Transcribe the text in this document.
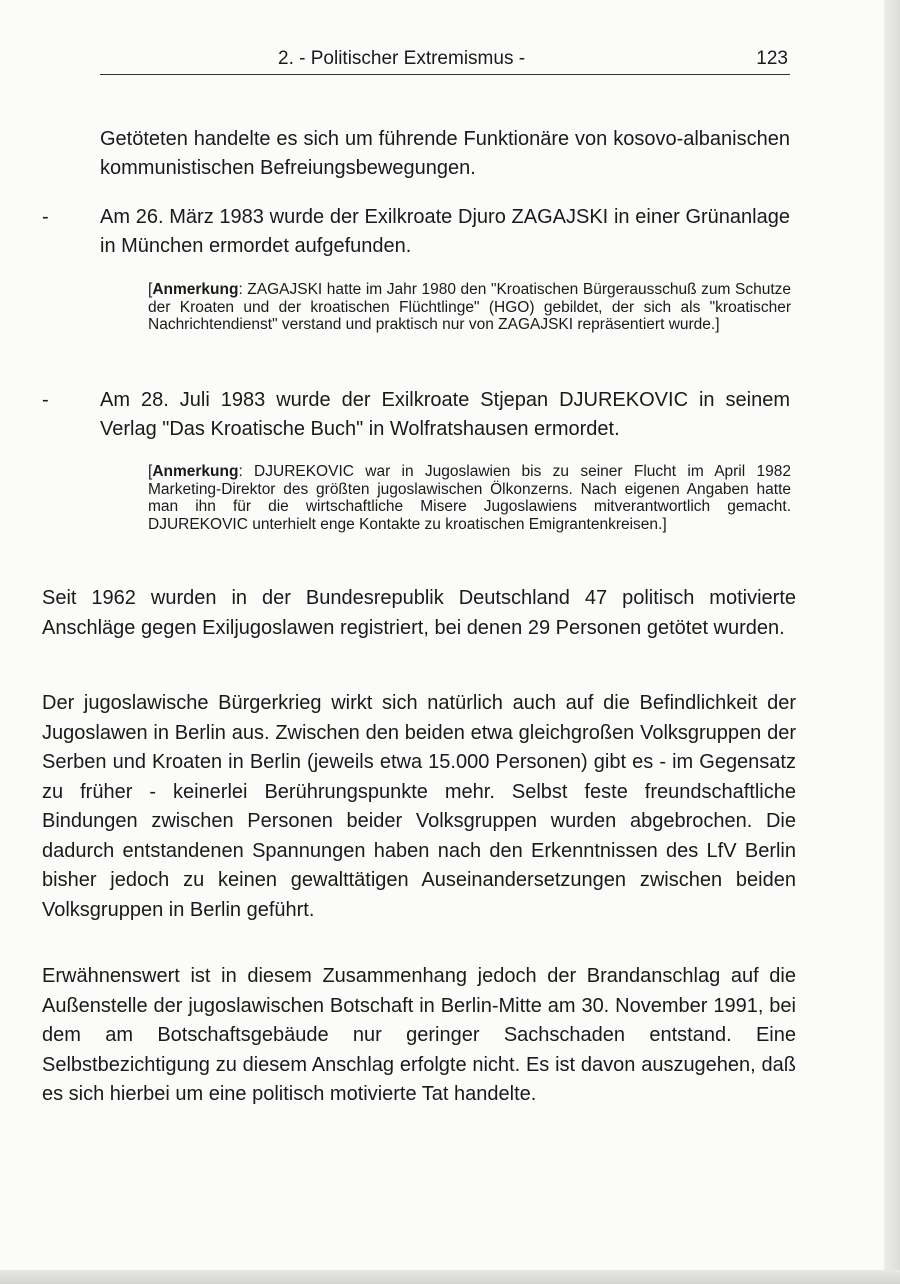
2. - Politischer Extremismus -	123
Getöteten handelte es sich um führende Funktionäre von kosovo-albanischen kommunistischen Befreiungsbewegungen.
-	Am 26. März 1983 wurde der Exilkroate Djuro ZAGAJSKI in einer Grünanlage in München ermordet aufgefunden.
[Anmerkung: ZAGAJSKI hatte im Jahr 1980 den "Kroatischen Bürgerausschuß zum Schutze der Kroaten und der kroatischen Flüchtlinge" (HGO) gebildet, der sich als "kroatischer Nachrichtendienst" verstand und praktisch nur von ZAGAJSKI repräsentiert wurde.]
-	Am 28. Juli 1983 wurde der Exilkroate Stjepan DJUREKOVIC in seinem Verlag "Das Kroatische Buch" in Wolfratshausen ermordet.
[Anmerkung: DJUREKOVIC war in Jugoslawien bis zu seiner Flucht im April 1982 Marketing-Direktor des größten jugoslawischen Ölkonzerns. Nach eigenen Angaben hatte man ihn für die wirtschaftliche Misere Jugoslawiens mitverantwortlich gemacht. DJUREKOVIC unterhielt enge Kontakte zu kroatischen Emigrantenkreisen.]
Seit 1962 wurden in der Bundesrepublik Deutschland 47 politisch motivierte Anschläge gegen Exiljugoslawen registriert, bei denen 29 Personen getötet wurden.
Der jugoslawische Bürgerkrieg wirkt sich natürlich auch auf die Befindlichkeit der Jugoslawen in Berlin aus. Zwischen den beiden etwa gleichgroßen Volksgruppen der Serben und Kroaten in Berlin (jeweils etwa 15.000 Personen) gibt es - im Gegensatz zu früher - keinerlei Berührungspunkte mehr. Selbst feste freundschaftliche Bindungen zwischen Personen beider Volksgruppen wurden abgebrochen. Die dadurch entstandenen Spannungen haben nach den Erkenntnissen des LfV Berlin bisher jedoch zu keinen gewalttätigen Auseinandersetzungen zwischen beiden Volksgruppen in Berlin geführt.
Erwähnenswert ist in diesem Zusammenhang jedoch der Brandanschlag auf die Außenstelle der jugoslawischen Botschaft in Berlin-Mitte am 30. November 1991, bei dem am Botschaftsgebäude nur geringer Sachschaden entstand. Eine Selbstbezichtigung zu diesem Anschlag erfolgte nicht. Es ist davon auszugehen, daß es sich hierbei um eine politisch motivierte Tat handelte.
